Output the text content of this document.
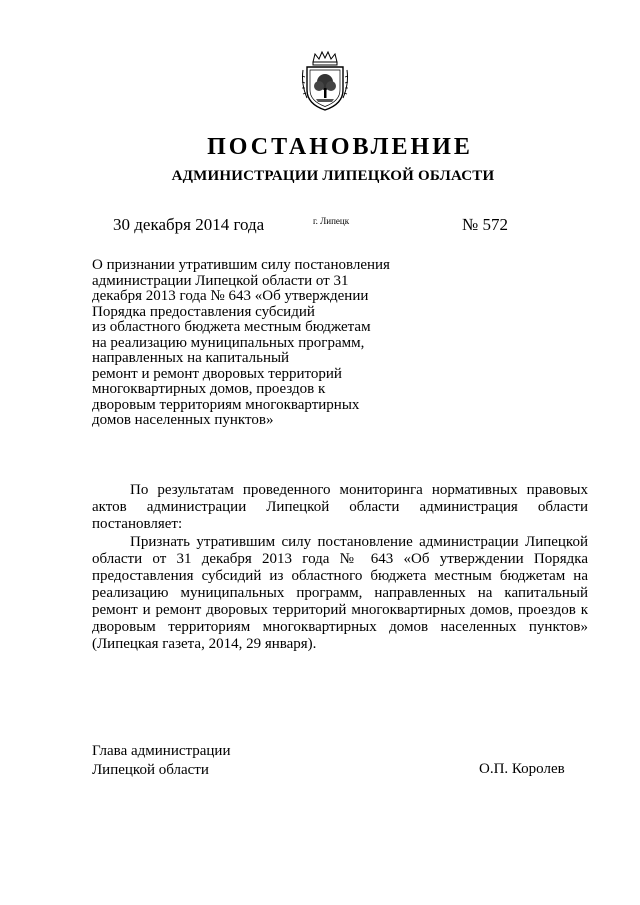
ПОСТАНОВЛЕНИЕ
АДМИНИСТРАЦИИ ЛИПЕЦКОЙ ОБЛАСТИ
30 декабря 2014 года	г. Липецк	№ 572
О признании утратившим силу постановления
администрации Липецкой области от 31
декабря 2013 года № 643 «Об утверждении
Порядка предоставления субсидий
из областного бюджета местным бюджетам
на реализацию муниципальных программ,
направленных на капитальный
ремонт и ремонт дворовых территорий
многоквартирных домов, проездов к
дворовым территориям многоквартирных
домов населенных пунктов»

По результатам проведенного мониторинга нормативных правовых актов администрации Липецкой области администрация области постановляет:

Признать утратившим силу постановление администрации Липецкой области от 31 декабря 2013 года № 643 «Об утверждении Порядка предоставления субсидий из областного бюджета местным бюджетам на реализацию муниципальных программ, направленных на капитальный ремонт и ремонт дворовых территорий многоквартирных домов, проездов к дворовым территориям многоквартирных домов населенных пунктов» (Липецкая газета, 2014, 29 января).

Глава администрации
Липецкой области	О.П. Королев
